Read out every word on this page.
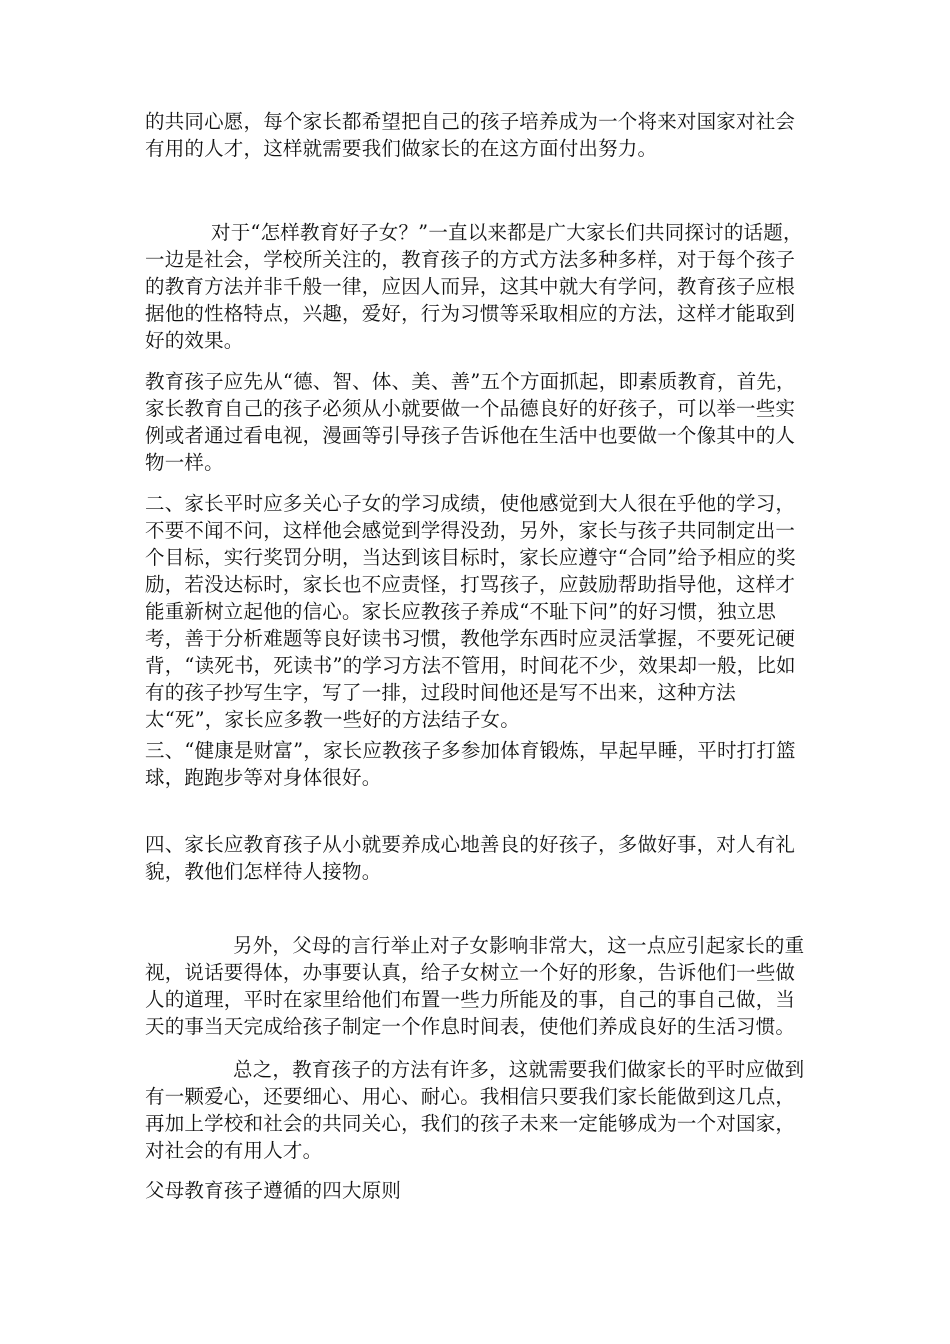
的共同心愿，每个家长都希望把自己的孩子培养成为一个将来对国家对社会有用的人才，这样就需要我们做家长的在这方面付出努力。

对于“怎样教育好子女？”一直以来都是广大家长们共同探讨的话题，一边是社会，学校所关注的，教育孩子的方式方法多种多样，对于每个孩子的教育方法并非千般一律，应因人而异，这其中就大有学问，教育孩子应根据他的性格特点，兴趣，爱好，行为习惯等采取相应的方法，这样才能取到好的效果。

教育孩子应先从“德、智、体、美、善”五个方面抓起，即素质教育，首先，家长教育自己的孩子必须从小就要做一个品德良好的好孩子，可以举一些实例或者通过看电视，漫画等引导孩子告诉他在生活中也要做一个像其中的人物一样。

二、家长平时应多关心子女的学习成绩，使他感觉到大人很在乎他的学习，不要不闻不问，这样他会感觉到学得没劲，另外，家长与孩子共同制定出一个目标，实行奖罚分明，当达到该目标时，家长应遵守“合同”给予相应的奖励，若没达标时，家长也不应责怪，打骂孩子，应鼓励帮助指导他，这样才能重新树立起他的信心。家长应教孩子养成“不耻下问”的好习惯，独立思考，善于分析难题等良好读书习惯，教他学东西时应灵活掌握，不要死记硬背，“读死书，死读书”的学习方法不管用，时间花不少，效果却一般，比如有的孩子抄写生字，写了一排，过段时间他还是写不出来，这种方法太“死”，家长应多教一些好的方法结子女。

三、“健康是财富”，家长应教孩子多参加体育锻炼，早起早睡，平时打打篮球，跑跑步等对身体很好。

四、家长应教育孩子从小就要养成心地善良的好孩子，多做好事，对人有礼貌，教他们怎样待人接物。

另外，父母的言行举止对子女影响非常大，这一点应引起家长的重视，说话要得体，办事要认真，给子女树立一个好的形象，告诉他们一些做人的道理，平时在家里给他们布置一些力所能及的事，自己的事自己做，当天的事当天完成给孩子制定一个作息时间表，使他们养成良好的生活习惯。

总之，教育孩子的方法有许多，这就需要我们做家长的平时应做到有一颗爱心，还要细心、用心、耐心。我相信只要我们家长能做到这几点，再加上学校和社会的共同关心，我们的孩子未来一定能够成为一个对国家，对社会的有用人才。

父母教育孩子遵循的四大原则
